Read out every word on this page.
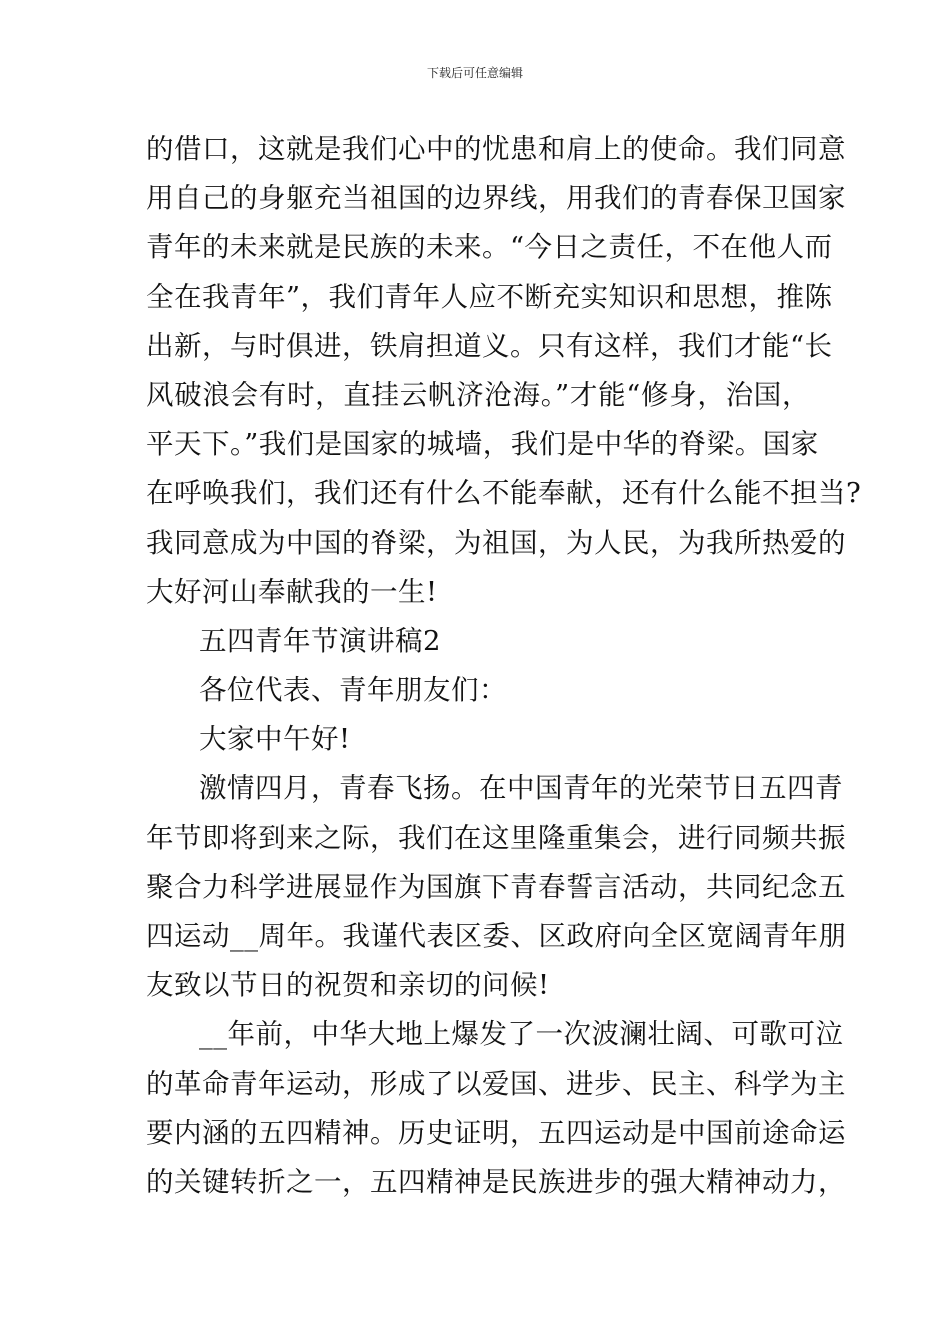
下载后可任意编辑
的借口，这就是我们心中的忧患和肩上的使命。我们同意
用自己的身躯充当祖国的边界线，用我们的青春保卫国家
青年的未来就是民族的未来。“今日之责任，不在他人而
全在我青年”，我们青年人应不断充实知识和思想，推陈
出新，与时俱进，铁肩担道义。只有这样，我们才能“长
风破浪会有时，直挂云帆济沧海。”才能“修身，治国，
平天下。”我们是国家的城墙，我们是中华的脊梁。国家
在呼唤我们，我们还有什么不能奉献，还有什么能不担当?
我同意成为中国的脊梁，为祖国，为人民，为我所热爱的
大好河山奉献我的一生!
五四青年节演讲稿2
各位代表、青年朋友们：
大家中午好!
激情四月，青春飞扬。在中国青年的光荣节日五四青
年节即将到来之际，我们在这里隆重集会，进行同频共振
聚合力科学进展显作为国旗下青春誓言活动，共同纪念五
四运动__周年。我谨代表区委、区政府向全区宽阔青年朋
友致以节日的祝贺和亲切的问候!
__年前，中华大地上爆发了一次波澜壮阔、可歌可泣
的革命青年运动，形成了以爱国、进步、民主、科学为主
要内涵的五四精神。历史证明，五四运动是中国前途命运
的关键转折之一，五四精神是民族进步的强大精神动力，
